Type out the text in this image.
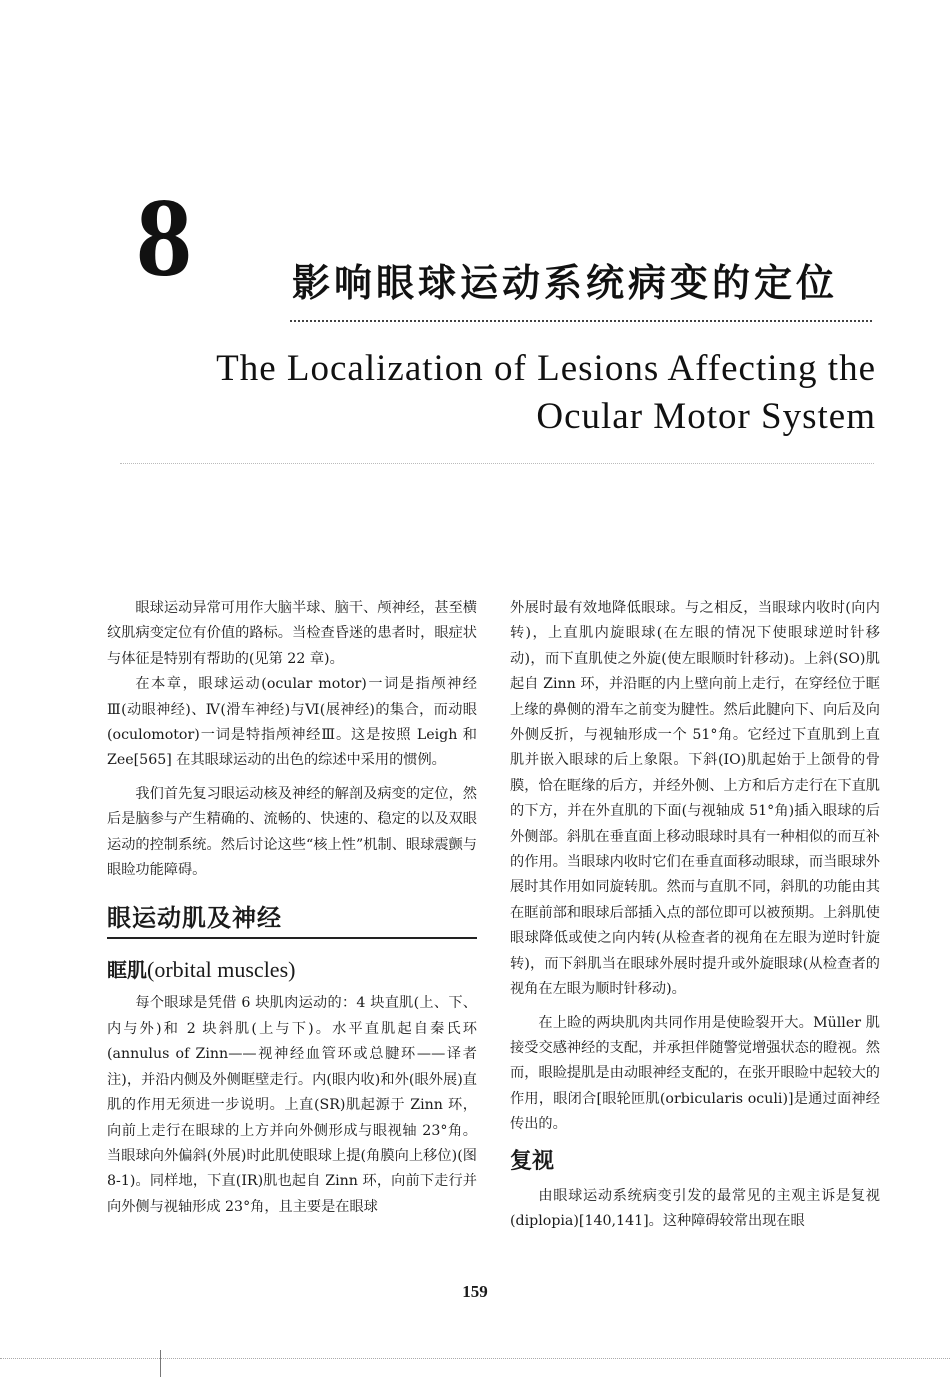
8	影响眼球运动系统病变的定位
The Localization of Lesions Affecting the
Ocular Motor System

眼球运动异常可用作大脑半球、脑干、颅神经，甚至横纹肌病变定位有价值的路标。当检查昏迷的患者时，眼症状与体征是特别有帮助的(见第 22 章)。

在本章，眼球运动(ocular motor)一词是指颅神经Ⅲ(动眼神经)、Ⅳ(滑车神经)与Ⅵ(展神经)的集合，而动眼(oculomotor)一词是特指颅神经Ⅲ。这是按照 Leigh 和 Zee[565] 在其眼球运动的出色的综述中采用的惯例。

我们首先复习眼运动核及神经的解剖及病变的定位，然后是脑参与产生精确的、流畅的、快速的、稳定的以及双眼运动的控制系统。然后讨论这些“核上性”机制、眼球震颤与眼睑功能障碍。

眼运动肌及神经
眶肌(orbital muscles)

每个眼球是凭借 6 块肌肉运动的：4 块直肌(上、下、内与外)和 2 块斜肌(上与下)。水平直肌起自秦氏环(annulus of Zinn——视神经血管环或总腱环——译者注)，并沿内侧及外侧眶壁走行。内(眼内收)和外(眼外展)直肌的作用无须进一步说明。上直(SR)肌起源于 Zinn 环，向前上走行在眼球的上方并向外侧形成与眼视轴 23°角。当眼球向外偏斜(外展)时此肌使眼球上提(角膜向上移位)(图 8-1)。同样地，下直(IR)肌也起自 Zinn 环，向前下走行并向外侧与视轴形成 23°角，且主要是在眼球

外展时最有效地降低眼球。与之相反，当眼球内收时(向内转)，上直肌内旋眼球(在左眼的情况下使眼球逆时针移动)，而下直肌使之外旋(使左眼顺时针移动)。上斜(SO)肌起自 Zinn 环，并沿眶的内上壁向前上走行，在穿经位于眶上缘的鼻侧的滑车之前变为腱性。然后此腱向下、向后及向外侧反折，与视轴形成一个 51°角。它经过下直肌到上直肌并嵌入眼球的后上象限。下斜(IO)肌起始于上颌骨的骨膜，恰在眶缘的后方，并经外侧、上方和后方走行在下直肌的下方，并在外直肌的下面(与视轴成 51°角)插入眼球的后外侧部。斜肌在垂直面上移动眼球时具有一种相似的而互补的作用。当眼球内收时它们在垂直面移动眼球，而当眼球外展时其作用如同旋转肌。然而与直肌不同，斜肌的功能由其在眶前部和眼球后部插入点的部位即可以被预期。上斜肌使眼球降低或使之向内转(从检查者的视角在左眼为逆时针旋转)，而下斜肌当在眼球外展时提升或外旋眼球(从检查者的视角在左眼为顺时针移动)。

在上睑的两块肌肉共同作用是使睑裂开大。Müller 肌接受交感神经的支配，并承担伴随警觉增强状态的瞪视。然而，眼睑提肌是由动眼神经支配的，在张开眼睑中起较大的作用，眼闭合[眼轮匝肌(orbicularis oculi)]是通过面神经传出的。

复视

由眼球运动系统病变引发的最常见的主观主诉是复视(diplopia)[140,141]。这种障碍较常出现在眼

159
